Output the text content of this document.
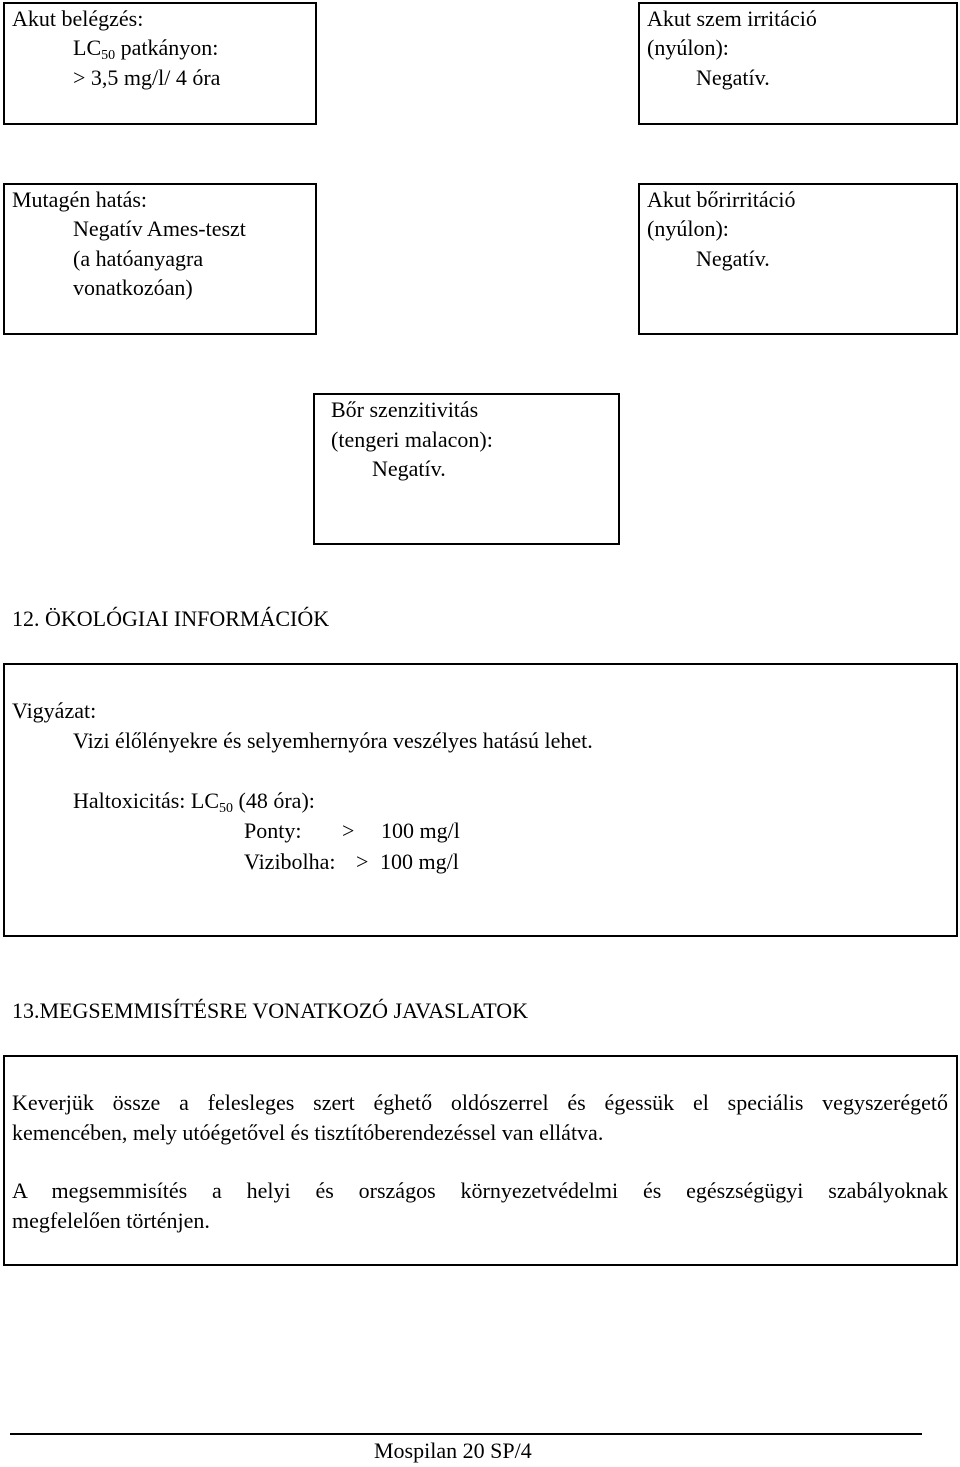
Akut belégzés:
$LC_{50}$ patkányon:
> 3,5 mg/l/ 4 óra
Akut szem irritáció
(nyúlon):
Negatív.
Mutagén hatás:
Negatív Ames-teszt
(a hatóanyagra
vonatkozóan)
Akut bőrirritáció
(nyúlon):
Negatív.
Bőr szenzitivitás
(tengeri malacon):
Negatív.
12. ÖKOLÓGIAI INFORMÁCIÓK
Vigyázat:
Vizi élőlényekre és selyemhernyóra veszélyes hatású lehet.
Haltoxicitás: $LC_{50}$ (48 óra):
Ponty: > 100 mg/l
Vizibolha: > 100 mg/l
13.MEGSEMMISÍTÉSRE VONATKOZÓ JAVASLATOK
Keverjük össze a felesleges szert éghető oldószerrel és égessük el speciális vegyszerégető
kemencében, mely utóégetővel és tisztítóberendezéssel van ellátva.
A megsemmisítés a helyi és országos környezetvédelmi és egészségügyi szabályoknak
megfelelően történjen.
Mospilan 20 SP/4
